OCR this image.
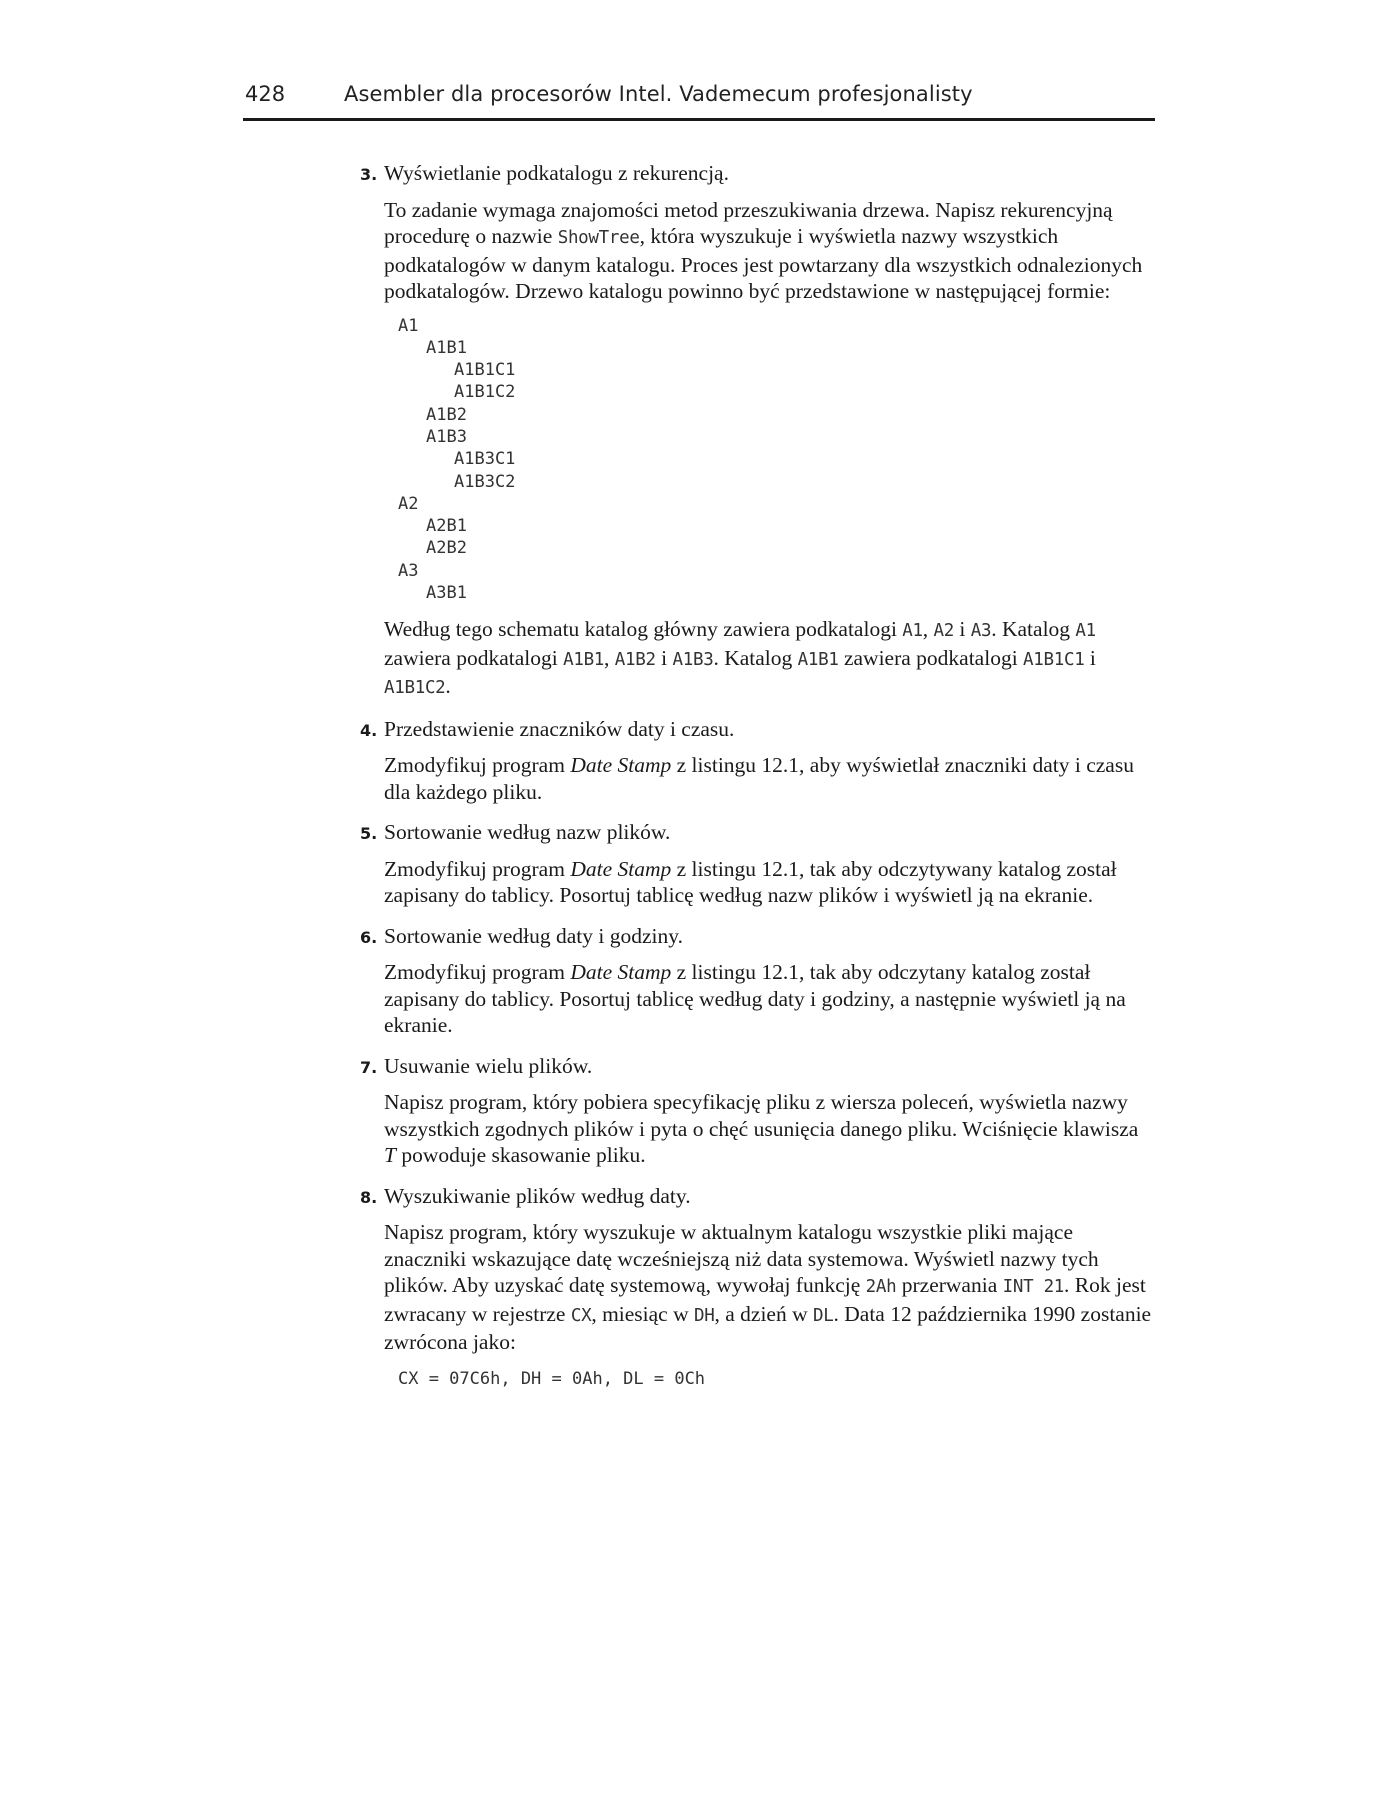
428	Asembler dla procesorów Intel. Vademecum profesjonalisty
3. Wyświetlanie podkatalogu z rekurencją.

To zadanie wymaga znajomości metod przeszukiwania drzewa. Napisz rekurencyjną procedurę o nazwie ShowTree, która wyszukuje i wyświetla nazwy wszystkich podkatalogów w danym katalogu. Proces jest powtarzany dla wszystkich odnalezionych podkatalogów. Drzewo katalogu powinno być przedstawione w następującej formie:

A1
A1B1
A1B1C1
A1B1C2
A1B2
A1B3
A1B3C1
A1B3C2
A2
A2B1
A2B2
A3
A3B1

Według tego schematu katalog główny zawiera podkatalogi A1, A2 i A3. Katalog A1 zawiera podkatalogi A1B1, A1B2 i A1B3. Katalog A1B1 zawiera podkatalogi A1B1C1 i A1B1C2.

4. Przedstawienie znaczników daty i czasu.

Zmodyfikuj program Date Stamp z listingu 12.1, aby wyświetlał znaczniki daty i czasu dla każdego pliku.

5. Sortowanie według nazw plików.

Zmodyfikuj program Date Stamp z listingu 12.1, tak aby odczytywany katalog został zapisany do tablicy. Posortuj tablicę według nazw plików i wyświetl ją na ekranie.

6. Sortowanie według daty i godziny.

Zmodyfikuj program Date Stamp z listingu 12.1, tak aby odczytany katalog został zapisany do tablicy. Posortuj tablicę według daty i godziny, a następnie wyświetl ją na ekranie.

7. Usuwanie wielu plików.

Napisz program, który pobiera specyfikację pliku z wiersza poleceń, wyświetla nazwy wszystkich zgodnych plików i pyta o chęć usunięcia danego pliku. Wciśnięcie klawisza T powoduje skasowanie pliku.

8. Wyszukiwanie plików według daty.

Napisz program, który wyszukuje w aktualnym katalogu wszystkie pliki mające znaczniki wskazujące datę wcześniejszą niż data systemowa. Wyświetl nazwy tych plików. Aby uzyskać datę systemową, wywołaj funkcję 2Ah przerwania INT 21. Rok jest zwracany w rejestrze CX, miesiąc w DH, a dzień w DL. Data 12 października 1990 zostanie zwrócona jako:

CX = 07C6h, DH = 0Ah, DL = 0Ch
